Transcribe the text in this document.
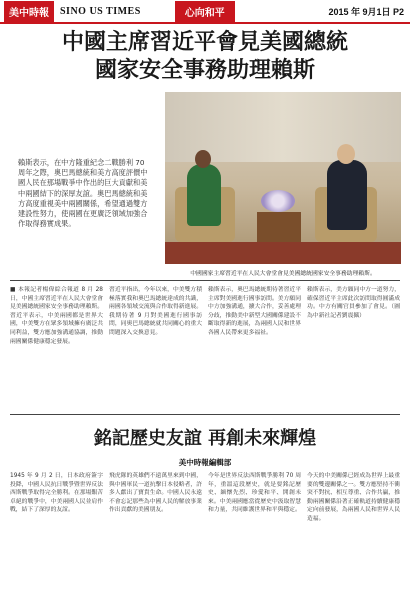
美中時報	SINO US TIMES	心向和平	2015 年 9月1日 P2
中國主席習近平會見美國總統
國家安全事務助理賴斯
賴斯表示，在中方隆重紀念二戰勝利 70 周年之際，奧巴馬總統和美方高度評價中國人民在那場戰爭中作出的巨大貢獻和美中兩國結下的深厚友誼。奧巴馬總統和美方高度重視美中兩國關係，希望通過雙方建設性努力，使兩國在更廣泛領域加強合作取得務實成果。
中國國家主席習近平在人民大會堂會見美國總統國家安全事務助理賴斯。
■ 本報記者楊偉綜合報道 8 月 28 日，中國主席習近平在人民大會堂會見美國總統國家安全事務助理賴斯。習近平表示，中美兩國都是世界大國，中美雙方在眾多領域擁有廣泛共同利益，雙方應加強溝通協調，推動兩國關係健康穩定發展。
習近平指出，今年以來，中美雙方積極落實我和奧巴馬總統達成的共識，兩國各領域交流與合作取得新進展。我期待著 9 月對美國進行國事訪問，同奧巴馬總統就共同關心的重大問題深入交換意見。
賴斯表示，奧巴馬總統期待著習近平主席對美國進行國事訪問。美方願同中方加強溝通，擴大合作，妥善處理分歧，推動美中新型大國關係建設不斷取得新的進展，為兩國人民和世界各國人民帶來更多福祉。
賴斯表示，美方願同中方一道努力，確保習近平主席此次訪問取得圓滿成功。中方有關官員參加了會見。（圖為中新社記者劉震攝）
銘記歷史友誼 再創未來輝煌
美中時報編輯部
1945 年 9 月 2 日，日本政府簽字投降，中國人民抗日戰爭暨世界反法西斯戰爭取得完全勝利。在那場艱苦卓絕的戰爭中，中美兩國人民並肩作戰，結下了深厚的友誼。
飛虎隊的英雄們不遠萬里來到中國，與中國軍民一道抗擊日本侵略者，許多人獻出了寶貴生命。中國人民永遠不會忘記那些為中國人民的解放事業作出貢獻的美國朋友。
今年是世界反法西斯戰爭勝利 70 周年，重溫這段歷史，就是要銘記歷史、緬懷先烈、珍愛和平、開創未來。中美兩國應當從歷史中汲取智慧和力量，共同維護世界和平與穩定。
今天的中美關係已經成為世界上最重要的雙邊關係之一。雙方應堅持不衝突不對抗、相互尊重、合作共贏，推動兩國關係沿著正確軌道持續健康穩定向前發展，為兩國人民和世界人民造福。
